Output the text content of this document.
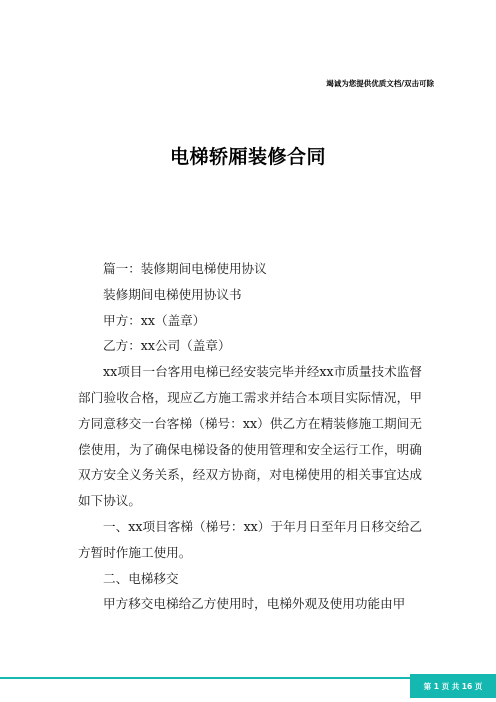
竭诚为您提供优质文档/双击可除
电梯轿厢装修合同

篇一：装修期间电梯使用协议

装修期间电梯使用协议书

甲方：xx（盖章）

乙方：xx公司（盖章）

xx项目一台客用电梯已经安装完毕并经xx市质量技术监督部门验收合格，现应乙方施工需求并结合本项目实际情况，甲方同意移交一台客梯（梯号：xx）供乙方在精装修施工期间无偿使用，为了确保电梯设备的使用管理和安全运行工作，明确双方安全义务关系，经双方协商，对电梯使用的相关事宜达成如下协议。

一、xx项目客梯（梯号：xx）于年月日至年月日移交给乙方暂时作施工使用。

二、电梯移交

甲方移交电梯给乙方使用时，电梯外观及使用功能由甲

第 1 页 共 16 页
